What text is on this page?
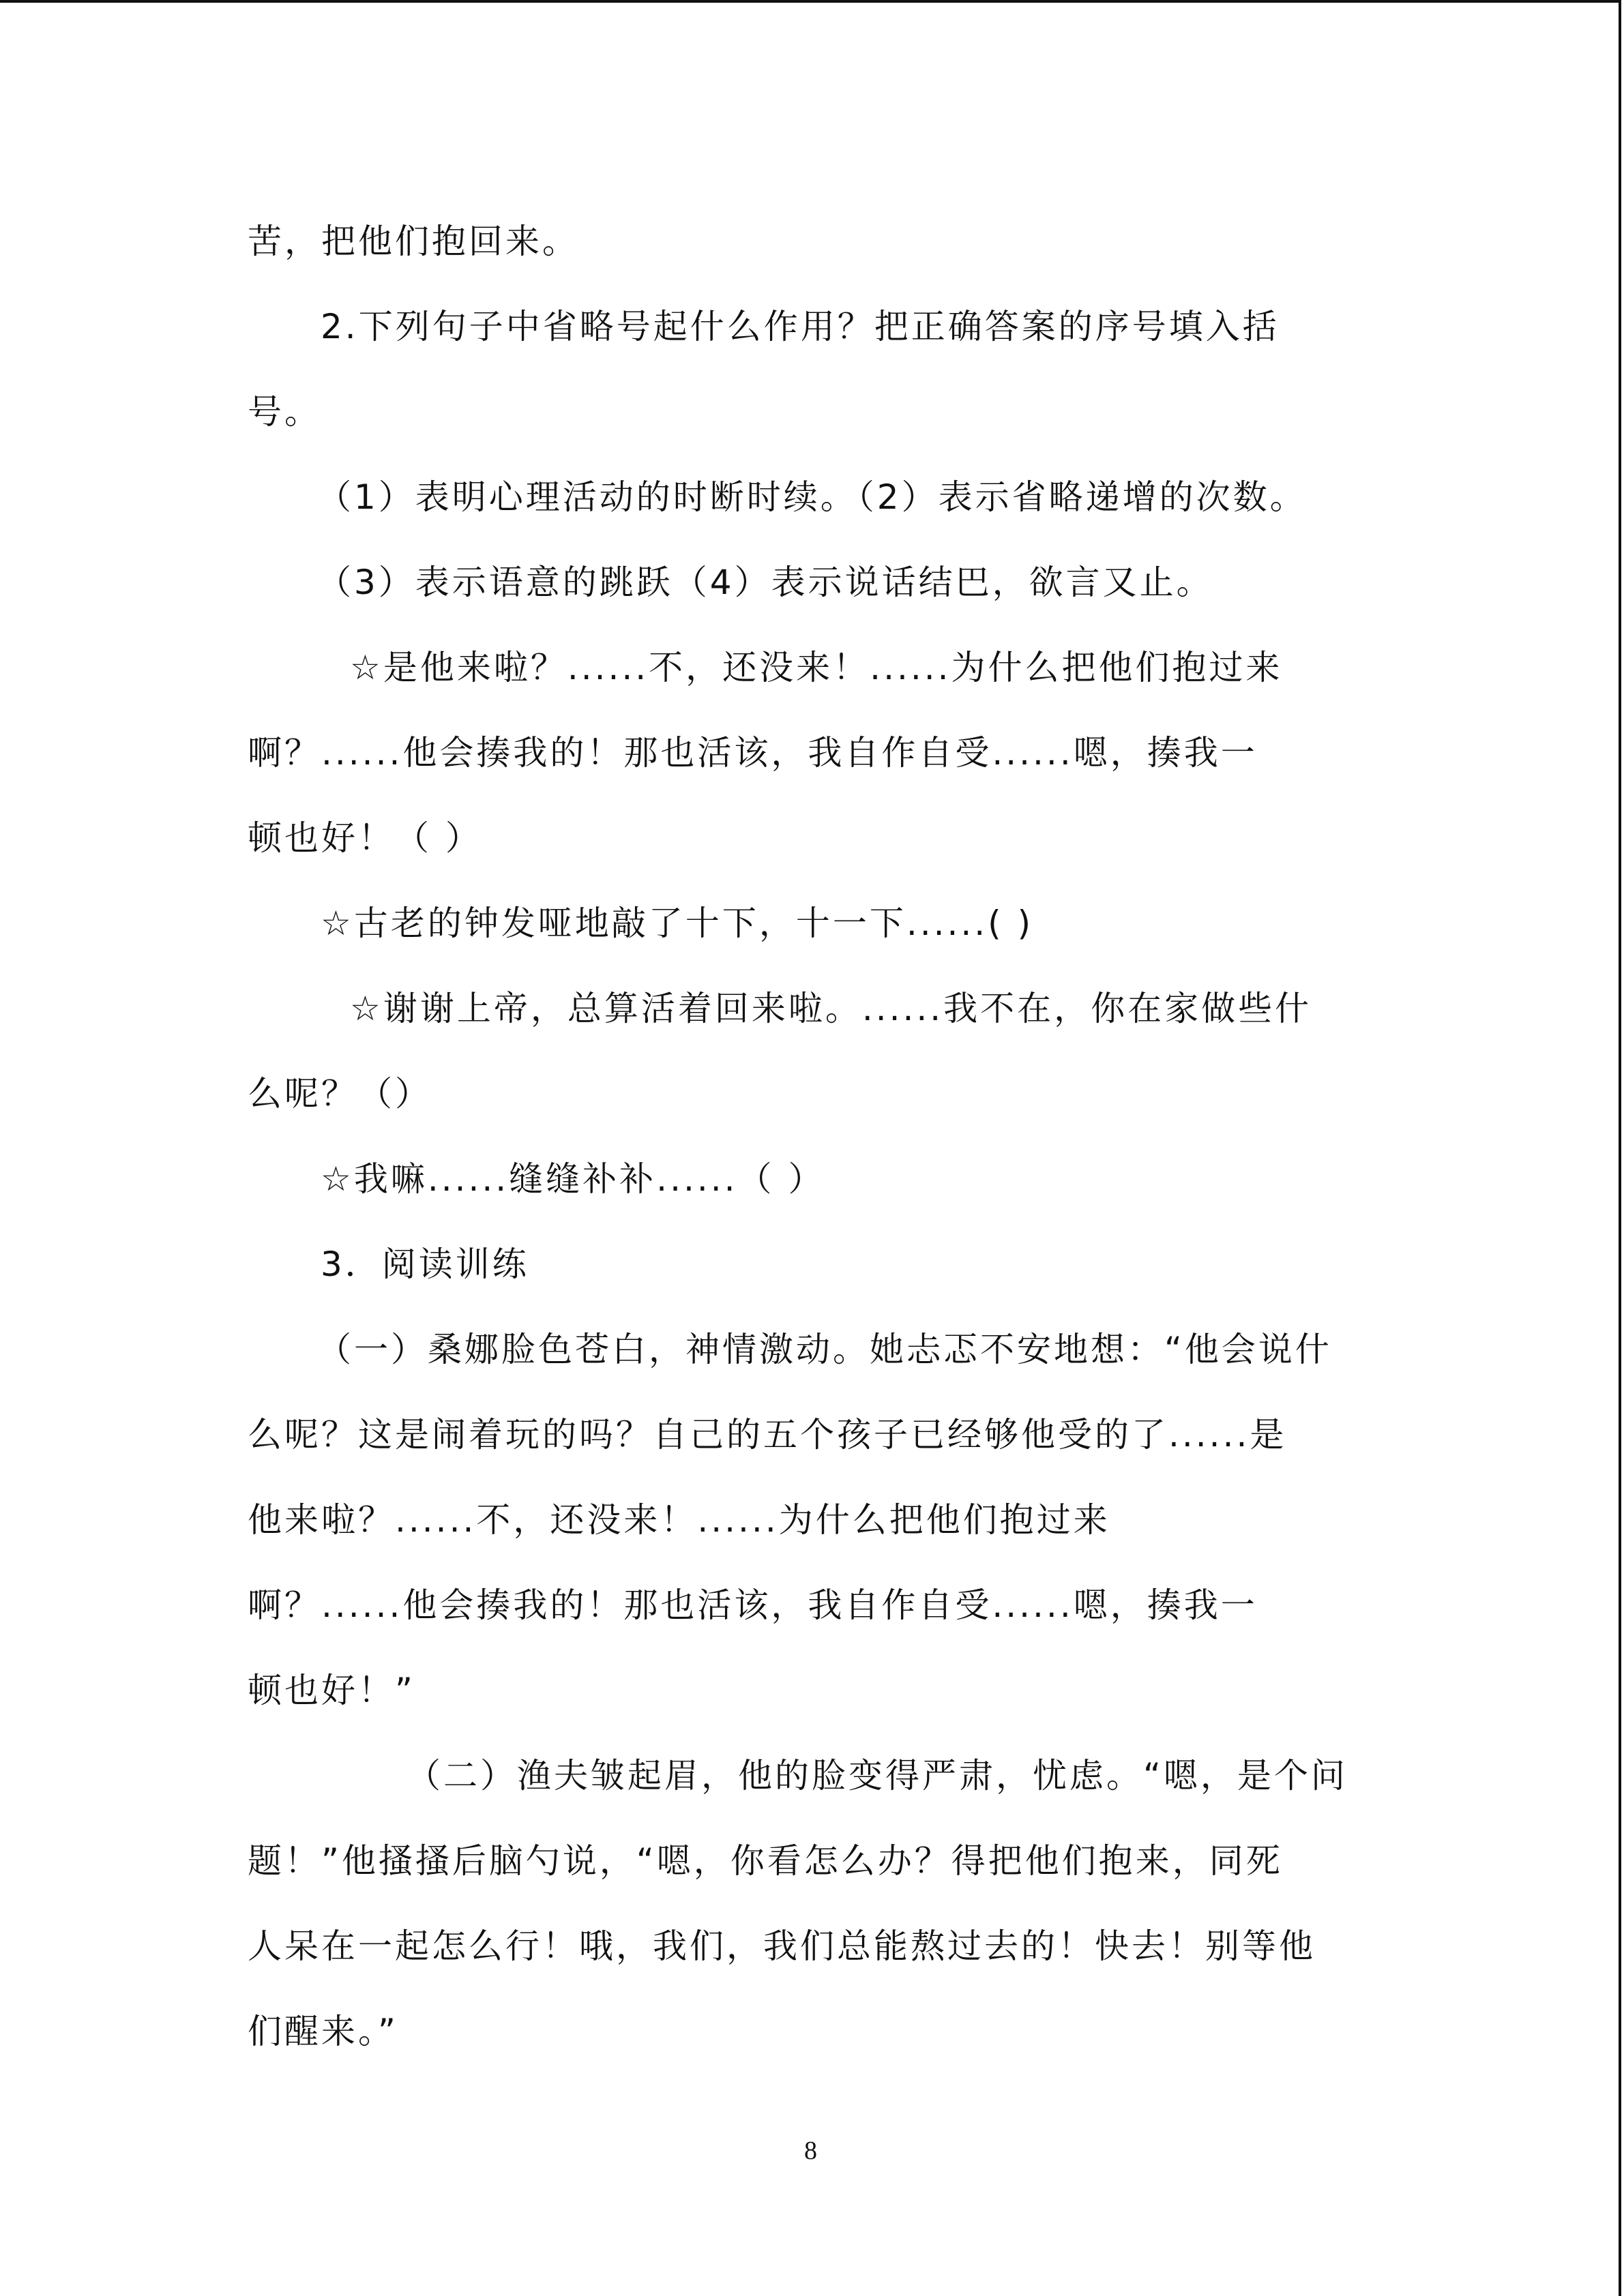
苦，把他们抱回来。
2.下列句子中省略号起什么作用？把正确答案的序号填入括
号。
（1）表明心理活动的时断时续。（2）表示省略递增的次数。
（3）表示语意的跳跃（4）表示说话结巴，欲言又止。
☆是他来啦？......不，还没来！......为什么把他们抱过来
啊？......他会揍我的！那也活该，我自作自受......嗯，揍我一
顿也好！（ ）
☆古老的钟发哑地敲了十下，十一下......( )
☆谢谢上帝，总算活着回来啦。......我不在，你在家做些什
么呢？（）
☆我嘛......缝缝补补......（ ）
3．阅读训练
（一）桑娜脸色苍白，神情激动。她忐忑不安地想：“他会说什
么呢？这是闹着玩的吗？自己的五个孩子已经够他受的了......是
他来啦？......不，还没来！......为什么把他们抱过来
啊？......他会揍我的！那也活该，我自作自受......嗯，揍我一
顿也好！”
（二）渔夫皱起眉，他的脸变得严肃，忧虑。“嗯，是个问
题！”他搔搔后脑勺说，“嗯，你看怎么办？得把他们抱来，同死
人呆在一起怎么行！哦，我们，我们总能熬过去的！快去！别等他
们醒来。”
8
